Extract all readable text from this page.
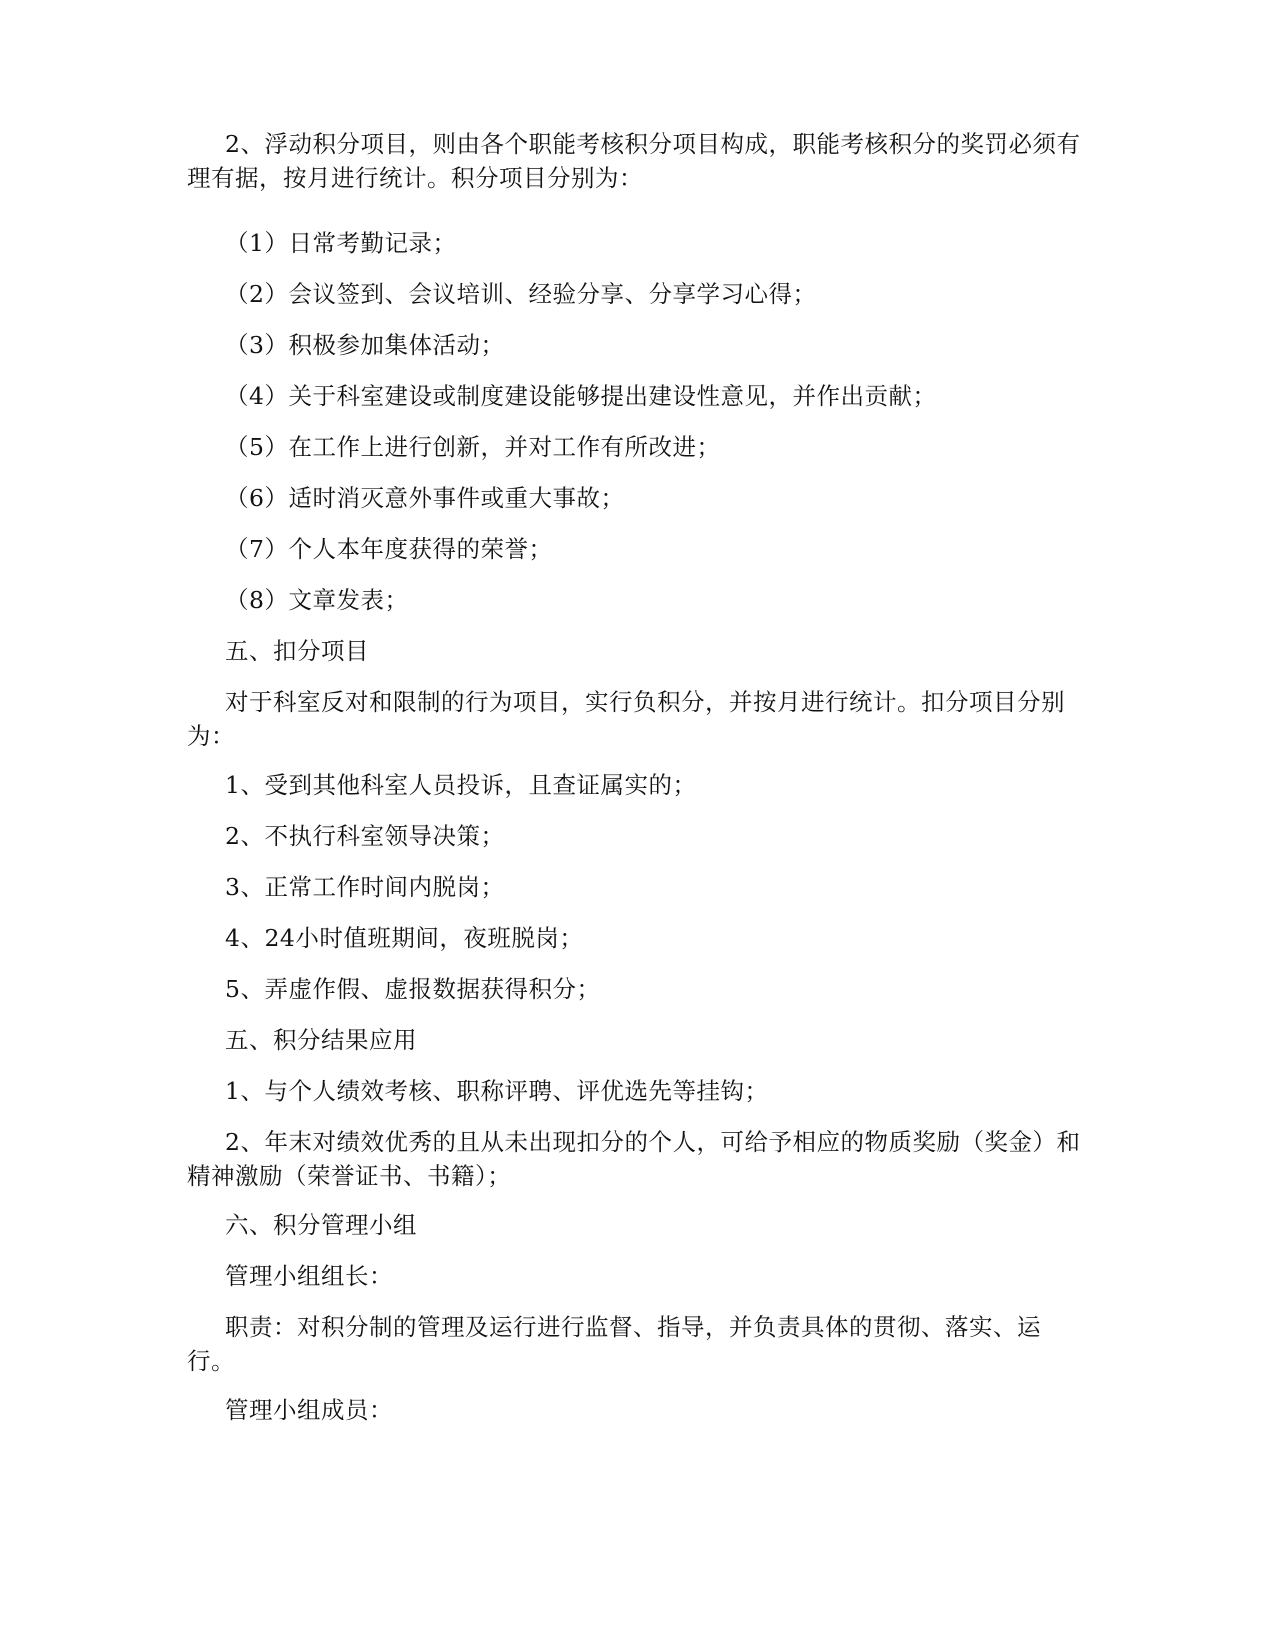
2、浮动积分项目，则由各个职能考核积分项目构成，职能考核积分的奖罚必须有理有据，按月进行统计。积分项目分别为：

（1）日常考勤记录；

（2）会议签到、会议培训、经验分享、分享学习心得；

（3）积极参加集体活动；

（4）关于科室建设或制度建设能够提出建设性意见，并作出贡献；

（5）在工作上进行创新，并对工作有所改进；

（6）适时消灭意外事件或重大事故；

（7）个人本年度获得的荣誉；

（8）文章发表；

五、扣分项目

对于科室反对和限制的行为项目，实行负积分，并按月进行统计。扣分项目分别为：

1、受到其他科室人员投诉，且查证属实的；

2、不执行科室领导决策；

3、正常工作时间内脱岗；

4、24小时值班期间，夜班脱岗；

5、弄虚作假、虚报数据获得积分；

五、积分结果应用

1、与个人绩效考核、职称评聘、评优选先等挂钩；

2、年末对绩效优秀的且从未出现扣分的个人，可给予相应的物质奖励（奖金）和精神激励（荣誉证书、书籍）；

六、积分管理小组

管理小组组长：

职责：对积分制的管理及运行进行监督、指导，并负责具体的贯彻、落实、运行。

管理小组成员：
